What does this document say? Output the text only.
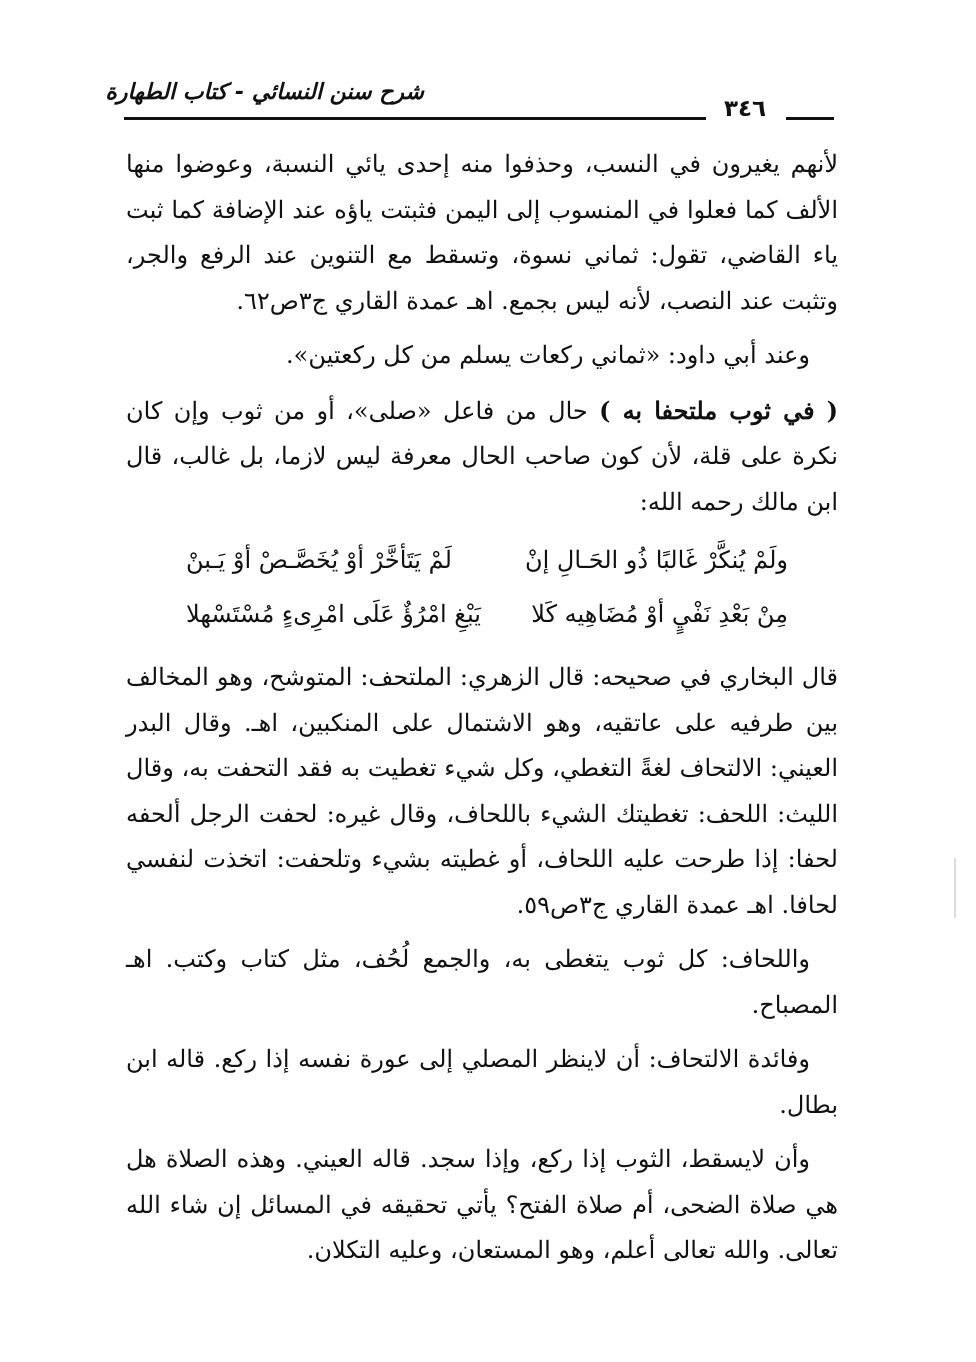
شرح سنن النسائي - كتاب الطهارة
٣٤٦

لأنهم يغيرون في النسب، وحذفوا منه إحدى يائي النسبة، وعوضوا منها الألف كما فعلوا في المنسوب إلى اليمن فثبتت ياؤه عند الإضافة كما ثبت ياء القاضي، تقول: ثماني نسوة، وتسقط مع التنوين عند الرفع والجر، وتثبت عند النصب، لأنه ليس بجمع. اهـ عمدة القاري ج٣ص٦٢.

وعند أبي داود: «ثماني ركعات يسلم من كل ركعتين».

( في ثوب ملتحفا به ) حال من فاعل «صلى»، أو من ثوب وإن كان نكرة على قلة، لأن كون صاحب الحال معرفة ليس لازما، بل غالب، قال ابن مالك رحمه الله:

ولَمْ يُنكَّرْ غَالبًا ذُو الحَـالِ إنْ
لَمْ يَتَأخَّرْ أوْ يُخَصَّـصْ أوْ يَـبنْ
مِنْ بَعْدِ نَفْيٍ أوْ مُضَاهِيه كَلا
يَبْغِ امْرُؤٌ عَلَى امْرِىءٍ مُسْتَسْهلا

قال البخاري في صحيحه: قال الزهري: الملتحف: المتوشح، وهو المخالف بين طرفيه على عاتقيه، وهو الاشتمال على المنكبين، اهـ. وقال البدر العيني: الالتحاف لغةً التغطي، وكل شيء تغطيت به فقد التحفت به، وقال الليث: اللحف: تغطيتك الشيء باللحاف، وقال غيره: لحفت الرجل ألحفه لحفا: إذا طرحت عليه اللحاف، أو غطيته بشيء وتلحفت: اتخذت لنفسي لحافا. اهـ عمدة القاري ج٣ص٥٩.

واللحاف: كل ثوب يتغطى به، والجمع لُحُف، مثل كتاب وكتب. اهـ المصباح.

وفائدة الالتحاف: أن لاينظر المصلي إلى عورة نفسه إذا ركع. قاله ابن بطال.

وأن لايسقط، الثوب إذا ركع، وإذا سجد. قاله العيني. وهذه الصلاة هل هي صلاة الضحى، أم صلاة الفتح؟ يأتي تحقيقه في المسائل إن شاء الله تعالى. والله تعالى أعلم، وهو المستعان، وعليه التكلان.
